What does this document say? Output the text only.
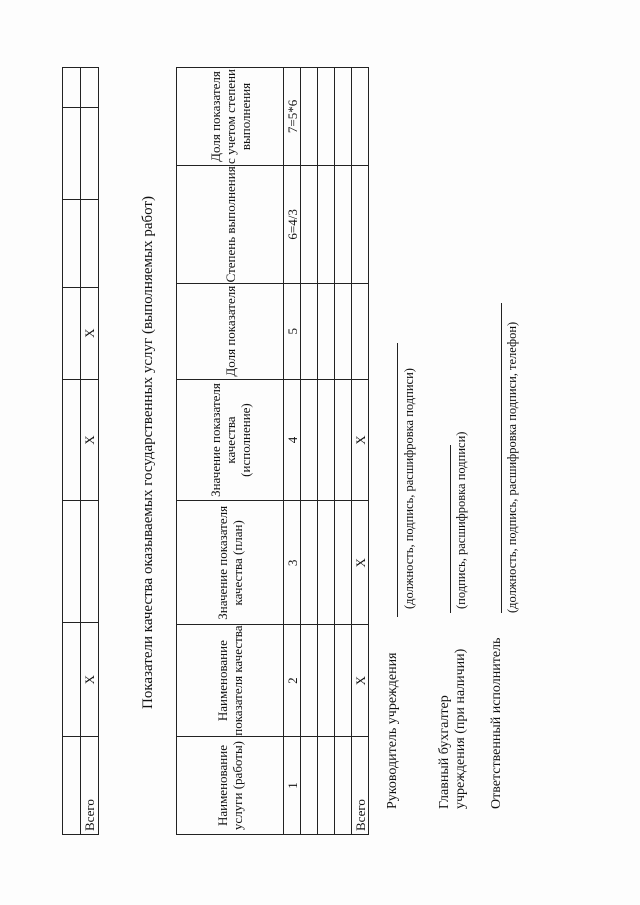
Всего	X		X	X				Показатели качества оказываемых государственных услуг (выполняемых работ)
Наименование услуги (работы)	Наименование показателя качества	Значение показателя качества (план)	Значение показателя качества (исполнение)	Доля показателя	Степень выполнения	Доля показателя с учетом степени выполнения
1	2	3	4	5	6=4/3	7=5*6

Всего	X	X	X			
Руководитель учреждения
(должность, подпись, расшифровка подписи)
Главный бухгалтер учреждения (при наличии)
(подпись, расшифровка подписи)
Ответственный исполнитель
(должность, подпись, расшифровка подписи, телефон)
